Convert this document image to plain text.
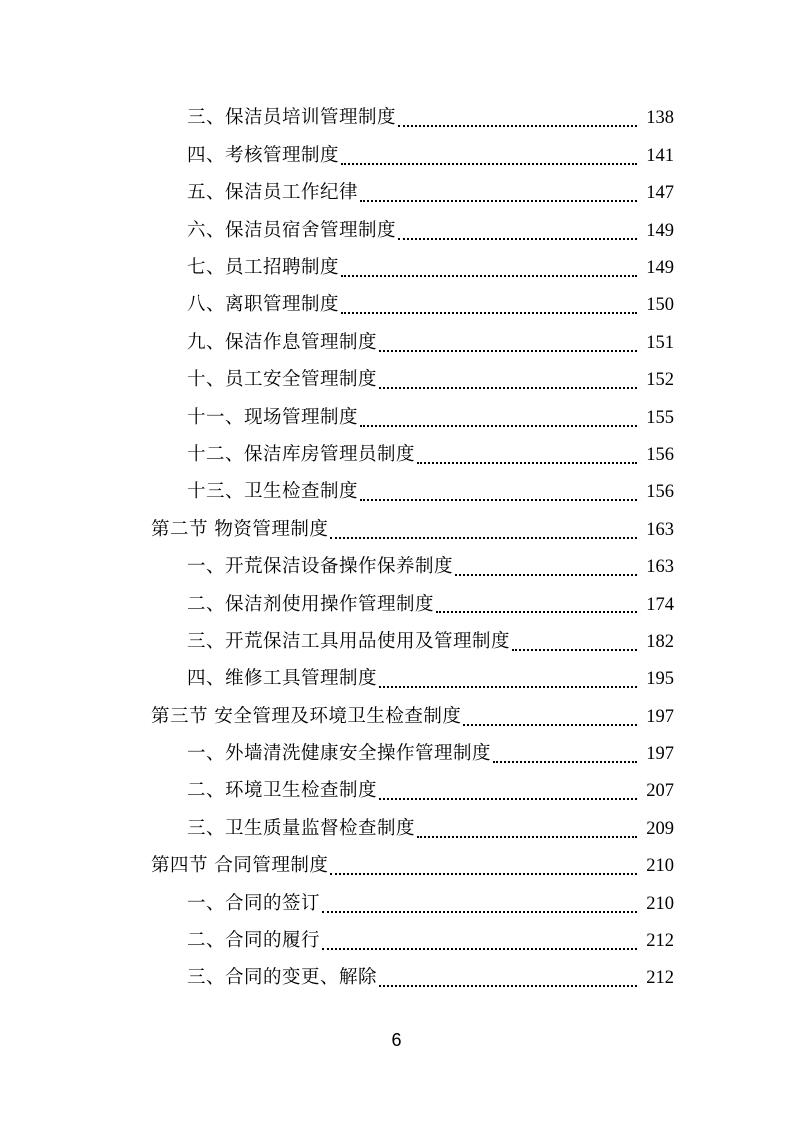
三、保洁员培训管理制度	138
四、考核管理制度	141
五、保洁员工作纪律	147
六、保洁员宿舍管理制度	149
七、员工招聘制度	149
八、离职管理制度	150
九、保洁作息管理制度	151
十、员工安全管理制度	152
十一、现场管理制度	155
十二、保洁库房管理员制度	156
十三、卫生检查制度	156
第二节 物资管理制度	163
一、开荒保洁设备操作保养制度	163
二、保洁剂使用操作管理制度	174
三、开荒保洁工具用品使用及管理制度	182
四、维修工具管理制度	195
第三节 安全管理及环境卫生检查制度	197
一、外墙清洗健康安全操作管理制度	197
二、环境卫生检查制度	207
三、卫生质量监督检查制度	209
第四节 合同管理制度	210
一、合同的签订	210
二、合同的履行	212
三、合同的变更、解除	212
6
